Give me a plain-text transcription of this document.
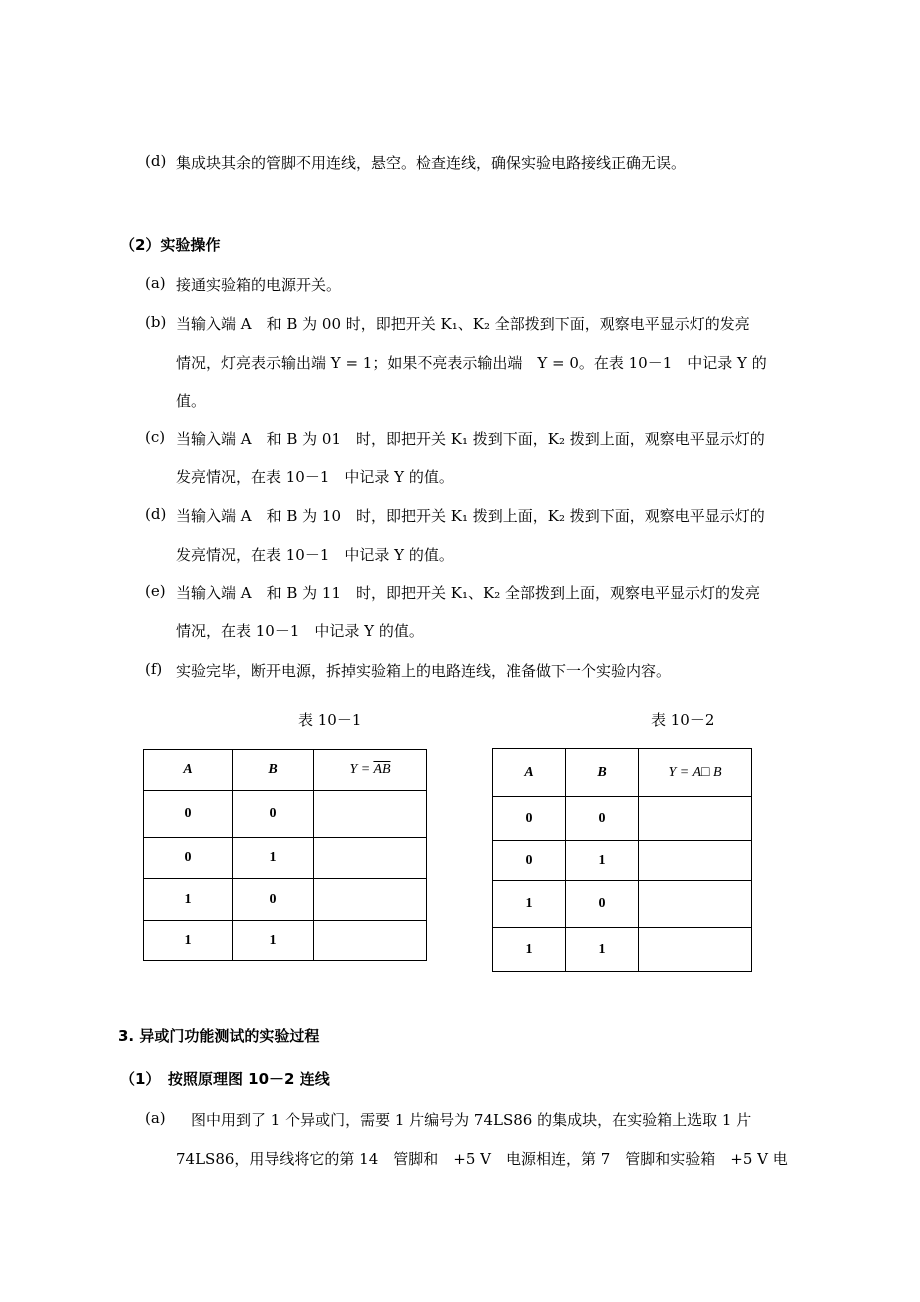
(d) 集成块其余的管脚不用连线，悬空。检查连线，确保实验电路接线正确无误。
（2）实验操作
(a) 接通实验箱的电源开关。
(b) 当输入端 A　和 B 为 00 时，即把开关 K₁、K₂ 全部拨到下面，观察电平显示灯的发亮
情况，灯亮表示输出端 Y = 1；如果不亮表示输出端　Y = 0。在表 10－1　中记录 Y 的
值。
(c) 当输入端 A　和 B 为 01　时，即把开关 K₁ 拨到下面，K₂ 拨到上面，观察电平显示灯的
发亮情况，在表 10－1　中记录 Y 的值。
(d) 当输入端 A　和 B 为 10　时，即把开关 K₁ 拨到上面，K₂ 拨到下面，观察电平显示灯的
发亮情况，在表 10－1　中记录 Y 的值。
(e) 当输入端 A　和 B 为 11　时，即把开关 K₁、K₂ 全部拨到上面，观察电平显示灯的发亮
情况，在表 10－1　中记录 Y 的值。
(f) 实验完毕，断开电源，拆掉实验箱上的电路连线，准备做下一个实验内容。
表 10－1	表 10－2
A	B	$Y = \overline{AB}$
0	0	
0	1	
1	0	
1	1	
A	B	Y = A□ B
0	0	
0	1	
1	0	
1	1	
3. 异或门功能测试的实验过程
（1）　按照原理图 10－2 连线
(a) 　图中用到了 1 个异或门，需要 1 片编号为 74LS86 的集成块，在实验箱上选取 1 片
74LS86，用导线将它的第 14　管脚和　+5 V　电源相连，第 7　管脚和实验箱　+5 V 电
